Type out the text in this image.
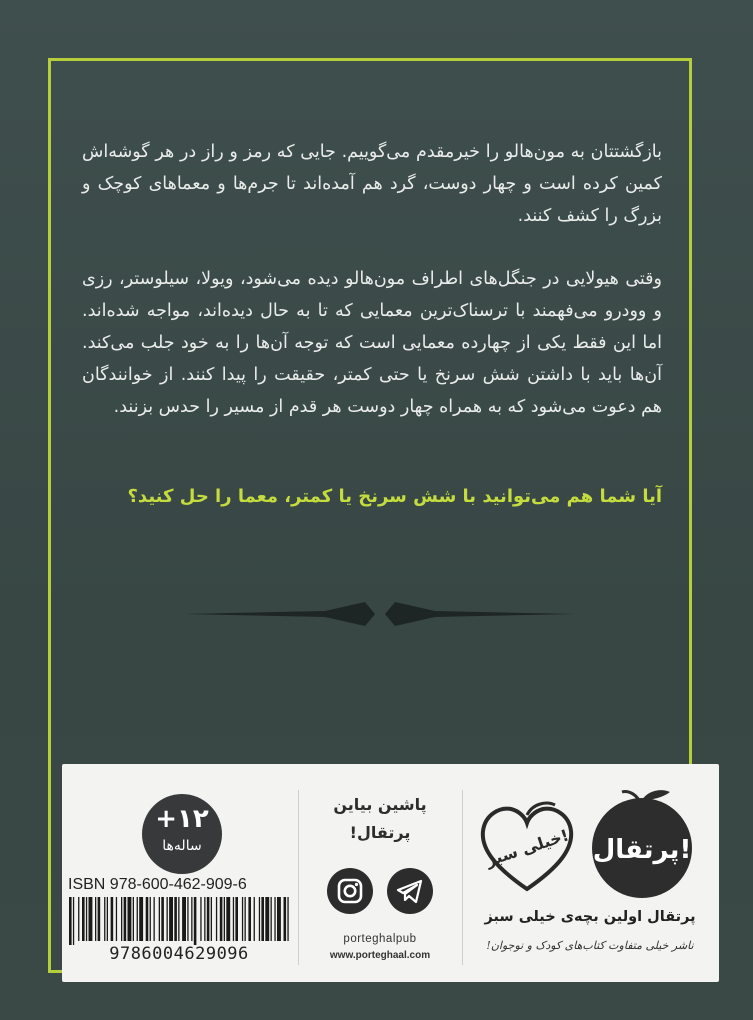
بازگشتتان به مون‌هالو را خیرمقدم می‌گوییم. جایی که رمز و راز در هر گوشه‌اش کمین کرده است و چهار دوست، گرد هم آمده‌اند تا جرم‌ها و معماهای کوچک و بزرگ را کشف کنند.
وقتی هیولایی در جنگل‌های اطراف مون‌هالو دیده می‌شود، ویولا، سیلوستر، رزی و وودرو می‌فهمند با ترسناک‌ترین معمایی که تا به حال دیده‌اند، مواجه شده‌اند. اما این فقط یکی از چهارده معمایی است که توجه آن‌ها را به خود جلب می‌کند. آن‌ها باید با داشتن شش سرنخ یا حتی کمتر، حقیقت را پیدا کنند. از خوانندگان هم دعوت می‌شود که به همراه چهار دوست هر قدم از مسیر را حدس بزنند.
آیا شما هم می‌توانید با شش سرنخ یا کمتر، معما را حل کنید؟
+۱۲
ساله‌ها
ISBN 978-600-462-909-6
9786004629096
پاشین بیاین
پرتقال!
porteghalpub
www.porteghaal.com
خیلی سبز! پرتقال!
پرتقال اولین بچه‌ی خیلی سبز
ناشر خیلی متفاوت کتاب‌های کودک و نوجوان!
